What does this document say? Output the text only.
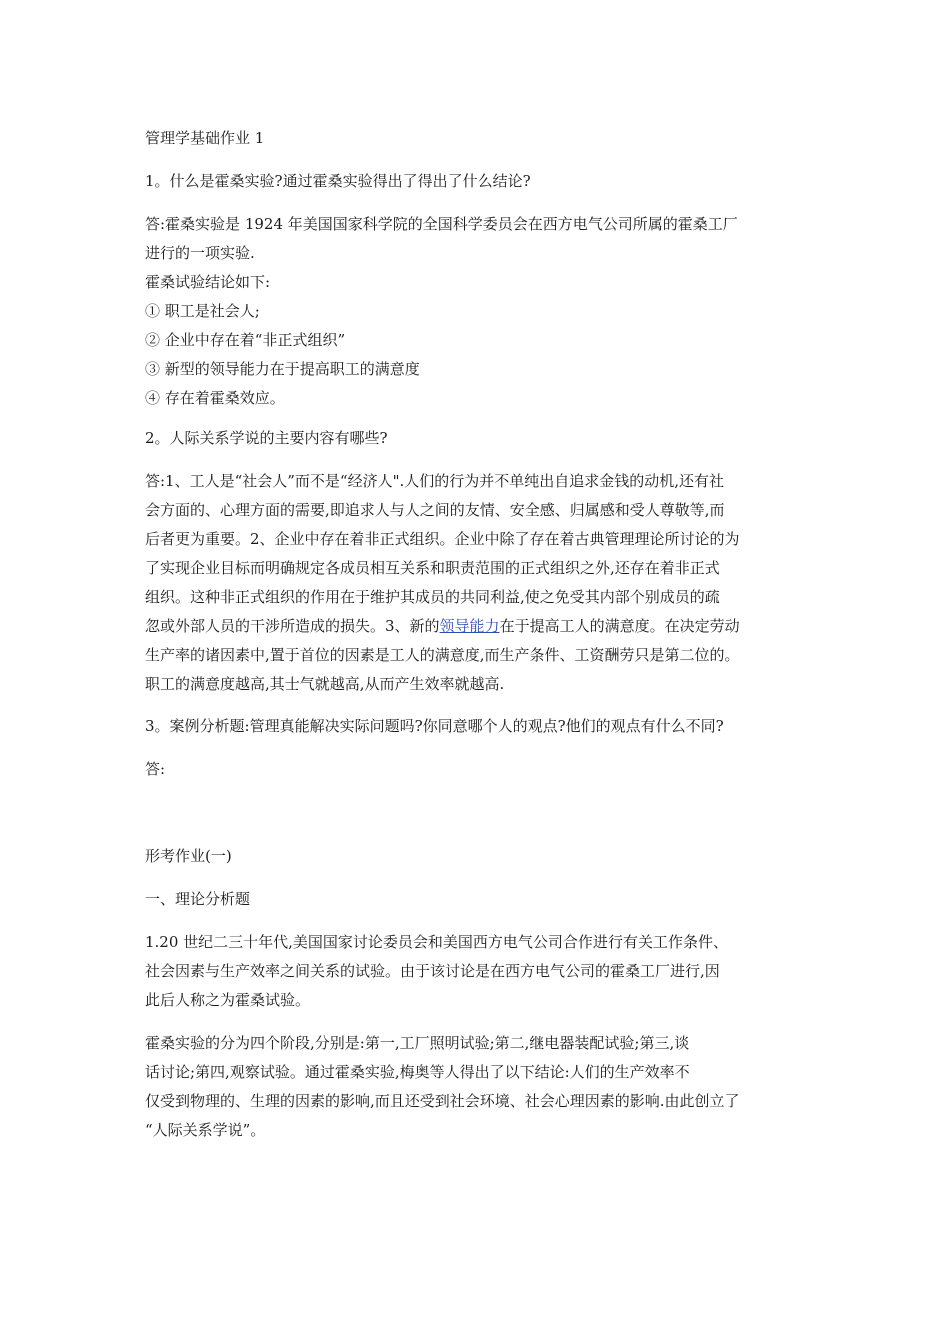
管理学基础作业 1

1。什么是霍桑实验?通过霍桑实验得出了得出了什么结论?

答:霍桑实验是 1924 年美国国家科学院的全国科学委员会在西方电气公司所属的霍桑工厂
进行的一项实验.
霍桑试验结论如下:
① 职工是社会人;
② 企业中存在着“非正式组织”
③ 新型的领导能力在于提高职工的满意度
④ 存在着霍桑效应。

2。人际关系学说的主要内容有哪些?

答:1、工人是“社会人”而不是“经济人".人们的行为并不单纯出自追求金钱的动机,还有社
会方面的、心理方面的需要,即追求人与人之间的友情、安全感、归属感和受人尊敬等,而
后者更为重要。2、企业中存在着非正式组织。企业中除了存在着古典管理理论所讨论的为
了实现企业目标而明确规定各成员相互关系和职责范围的正式组织之外,还存在着非正式
组织。这种非正式组织的作用在于维护其成员的共同利益,使之免受其内部个别成员的疏
忽或外部人员的干涉所造成的损失。3、新的领导能力在于提高工人的满意度。在决定劳动
生产率的诸因素中,置于首位的因素是工人的满意度,而生产条件、工资酬劳只是第二位的。
职工的满意度越高,其士气就越高,从而产生效率就越高.

3。案例分析题:管理真能解决实际问题吗?你同意哪个人的观点?他们的观点有什么不同?

答:

形考作业(一)

一、理论分析题

1.20 世纪二三十年代,美国国家讨论委员会和美国西方电气公司合作进行有关工作条件、
社会因素与生产效率之间关系的试验。由于该讨论是在西方电气公司的霍桑工厂进行,因
此后人称之为霍桑试验。

霍桑实验的分为四个阶段,分别是:第一,工厂照明试验;第二,继电器装配试验;第三,谈
话讨论;第四,观察试验。通过霍桑实验,梅奥等人得出了以下结论:人们的生产效率不
仅受到物理的、生理的因素的影响,而且还受到社会环境、社会心理因素的影响.由此创立了
“人际关系学说”。
